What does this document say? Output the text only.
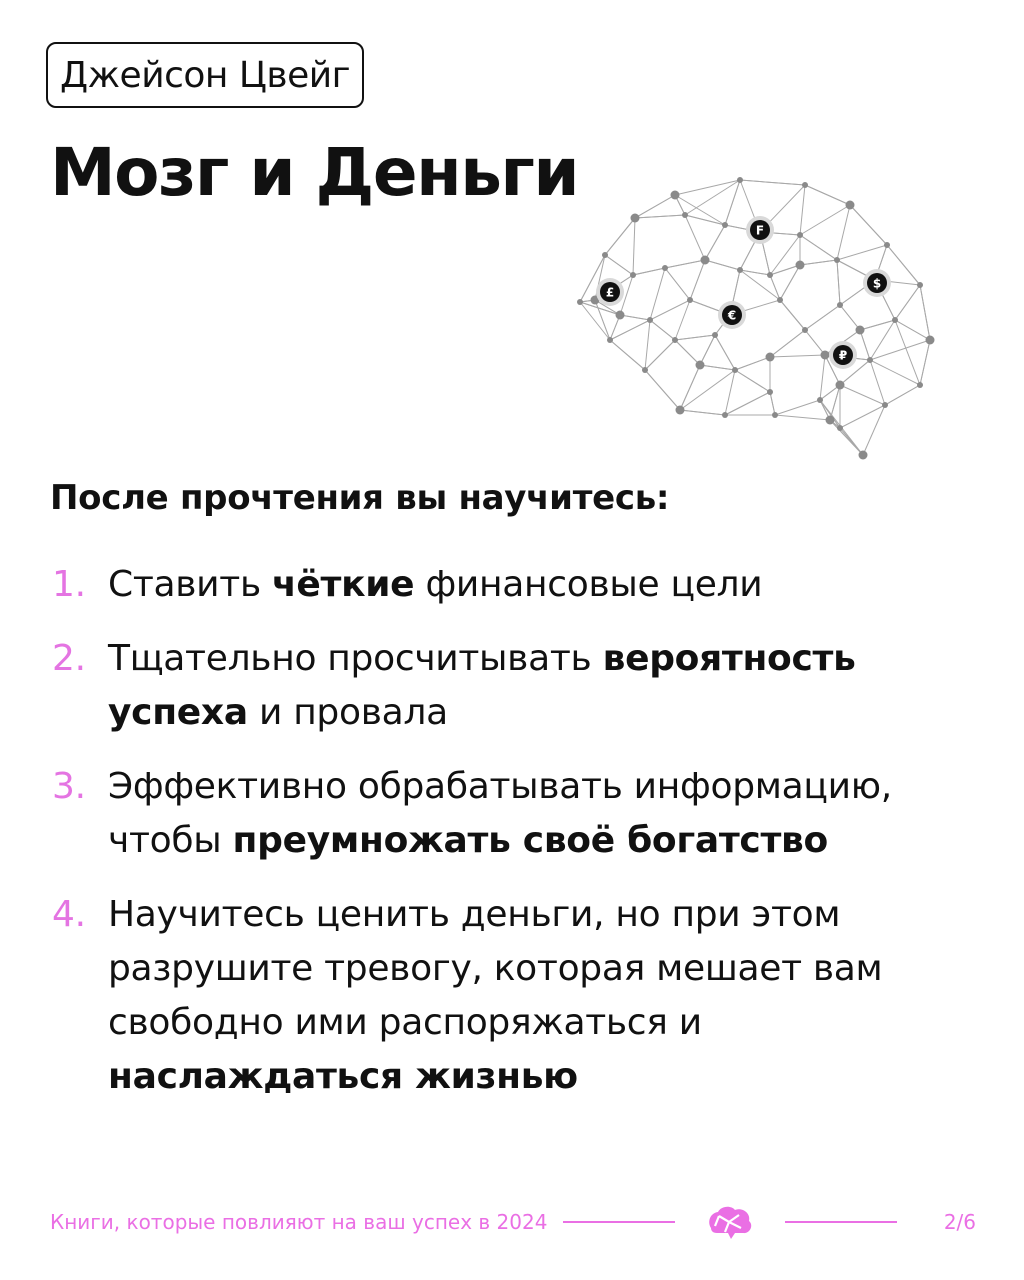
Джейсон Цвейг
Мозг и Деньги
£
F
$
€
₽
После прочтения вы научитесь:
1. Ставить чёткие финансовые цели
2. Тщательно просчитывать вероятность успеха и провала
3. Эффективно обрабатывать информацию, чтобы преумножать своё богатство
4. Научитесь ценить деньги, но при этом разрушите тревогу, которая мешает вам свободно ими распоряжаться и наслаждаться жизнью
Книги, которые повлияют на ваш успех в 2024	2/6
